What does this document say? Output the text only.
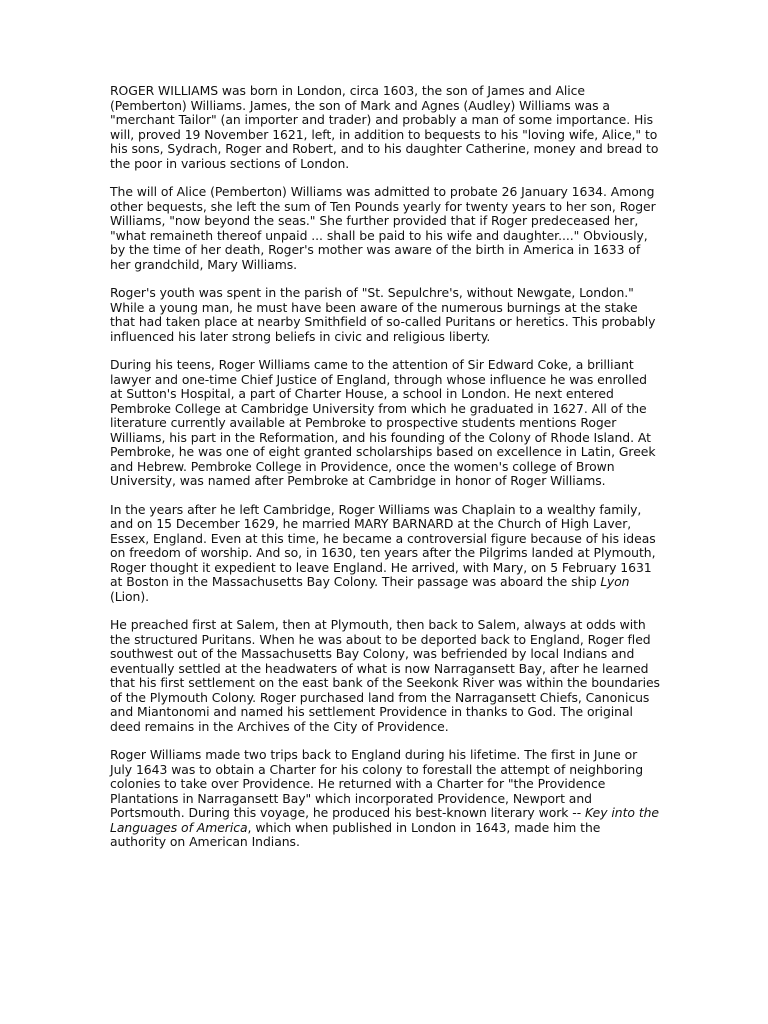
ROGER WILLIAMS was born in London, circa 1603, the son of James and Alice (Pemberton) Williams. James, the son of Mark and Agnes (Audley) Williams was a "merchant Tailor" (an importer and trader) and probably a man of some importance. His will, proved 19 November 1621, left, in addition to bequests to his "loving wife, Alice," to his sons, Sydrach, Roger and Robert, and to his daughter Catherine, money and bread to the poor in various sections of London.

The will of Alice (Pemberton) Williams was admitted to probate 26 January 1634. Among other bequests, she left the sum of Ten Pounds yearly for twenty years to her son, Roger Williams, "now beyond the seas." She further provided that if Roger predeceased her, "what remaineth thereof unpaid ... shall be paid to his wife and daughter...." Obviously, by the time of her death, Roger's mother was aware of the birth in America in 1633 of her grandchild, Mary Williams.

Roger's youth was spent in the parish of "St. Sepulchre's, without Newgate, London." While a young man, he must have been aware of the numerous burnings at the stake that had taken place at nearby Smithfield of so-called Puritans or heretics. This probably influenced his later strong beliefs in civic and religious liberty.

During his teens, Roger Williams came to the attention of Sir Edward Coke, a brilliant lawyer and one-time Chief Justice of England, through whose influence he was enrolled at Sutton's Hospital, a part of Charter House, a school in London. He next entered Pembroke College at Cambridge University from which he graduated in 1627. All of the literature currently available at Pembroke to prospective students mentions Roger Williams, his part in the Reformation, and his founding of the Colony of Rhode Island. At Pembroke, he was one of eight granted scholarships based on excellence in Latin, Greek and Hebrew. Pembroke College in Providence, once the women's college of Brown University, was named after Pembroke at Cambridge in honor of Roger Williams.

In the years after he left Cambridge, Roger Williams was Chaplain to a wealthy family, and on 15 December 1629, he married MARY BARNARD at the Church of High Laver, Essex, England. Even at this time, he became a controversial figure because of his ideas on freedom of worship. And so, in 1630, ten years after the Pilgrims landed at Plymouth, Roger thought it expedient to leave England. He arrived, with Mary, on 5 February 1631 at Boston in the Massachusetts Bay Colony. Their passage was aboard the ship Lyon (Lion).

He preached first at Salem, then at Plymouth, then back to Salem, always at odds with the structured Puritans. When he was about to be deported back to England, Roger fled southwest out of the Massachusetts Bay Colony, was befriended by local Indians and eventually settled at the headwaters of what is now Narragansett Bay, after he learned that his first settlement on the east bank of the Seekonk River was within the boundaries of the Plymouth Colony. Roger purchased land from the Narragansett Chiefs, Canonicus and Miantonomi and named his settlement Providence in thanks to God. The original deed remains in the Archives of the City of Providence.

Roger Williams made two trips back to England during his lifetime. The first in June or July 1643 was to obtain a Charter for his colony to forestall the attempt of neighboring colonies to take over Providence. He returned with a Charter for "the Providence Plantations in Narragansett Bay" which incorporated Providence, Newport and Portsmouth. During this voyage, he produced his best-known literary work -- Key into the Languages of America, which when published in London in 1643, made him the authority on American Indians.
